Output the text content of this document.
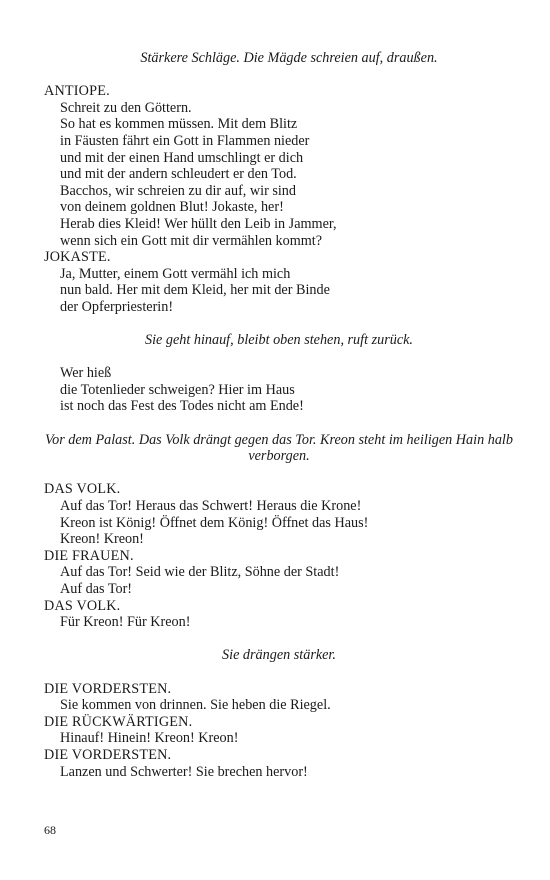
Stärkere Schläge. Die Mägde schreien auf, draußen.
ANTIOPE.
Schreit zu den Göttern.
So hat es kommen müssen. Mit dem Blitz
in Fäusten fährt ein Gott in Flammen nieder
und mit der einen Hand umschlingt er dich
und mit der andern schleudert er den Tod.
Bacchos, wir schreien zu dir auf, wir sind
von deinem goldnen Blut! Jokaste, her!
Herab dies Kleid! Wer hüllt den Leib in Jammer,
wenn sich ein Gott mit dir vermählen kommt?
JOKASTE.
Ja, Mutter, einem Gott vermähl ich mich
nun bald. Her mit dem Kleid, her mit der Binde
der Opferpriesterin!
Sie geht hinauf, bleibt oben stehen, ruft zurück.
Wer hieß
die Totenlieder schweigen? Hier im Haus
ist noch das Fest des Todes nicht am Ende!
Vor dem Palast. Das Volk drängt gegen das Tor. Kreon steht im heiligen Hain halb verborgen.
DAS VOLK.
Auf das Tor! Heraus das Schwert! Heraus die Krone!
Kreon ist König! Öffnet dem König! Öffnet das Haus!
Kreon! Kreon!
DIE FRAUEN.
Auf das Tor! Seid wie der Blitz, Söhne der Stadt!
Auf das Tor!
DAS VOLK.
Für Kreon! Für Kreon!
Sie drängen stärker.
DIE VORDERSTEN.
Sie kommen von drinnen. Sie heben die Riegel.
DIE RÜCKWÄRTIGEN.
Hinauf! Hinein! Kreon! Kreon!
DIE VORDERSTEN.
Lanzen und Schwerter! Sie brechen hervor!
68
